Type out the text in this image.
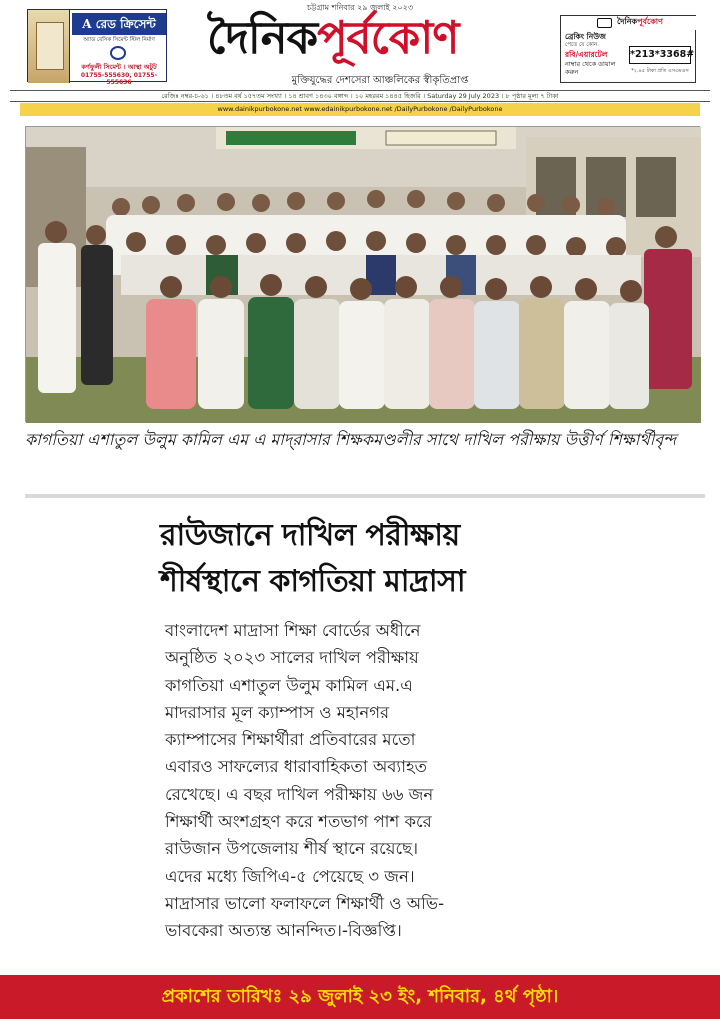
চট্টগ্রাম শনিবার ২৯ জুলাই ২০২৩
A রেড ক্রিসেন্ট
অ্যাড বেসিক সিমেন্ট স্টিল নির্মাণ
কর্ণফুলী সিমেন্ট । আস্থা অটুট
01755-555630, 01755-555636
দৈনিকপূর্বকোণ
মুক্তিযুদ্ধের দেশসেরা আঞ্চলিকের স্বীকৃতিপ্রাপ্ত
দৈনিকপূর্বকোণ
ব্রেকিং নিউজ
পেতে যে কোন
রবি/এয়ারটেল
নাম্বার থেকে ডায়াল করুন
*213*3368#
*২.৪৫ টাকা প্রতি এসএমএস
রেজিঃ নম্বর-চ-৬১ । ৪৮তম বর্ষ ১৫৭তম সংখ্যা । ১৪ শ্রাবণ ১৪৩০ বঙ্গাব্দ । ১০ মহররম ১৪৪৫ হিজরি । Saturday 29 July 2023 । ৮ পৃষ্ঠার মূল্য ৭ টাকা
www.dainikpurbokone.net www.edainikpurbokone.net /DailyPurbokone /DailyPurbokone
কাগতিয়া এশাতুল উলুম কামিল এম এ মাদ্‌রাসার শিক্ষকমণ্ডলীর সাথে দাখিল পরীক্ষায় উত্তীর্ণ শিক্ষার্থীবৃন্দ
রাউজানে দাখিল পরীক্ষায়
শীর্ষস্থানে কাগতিয়া মাদ্রাসা
বাংলাদেশ মাদ্রাসা শিক্ষা বোর্ডের অধীনে
অনুষ্ঠিত ২০২৩ সালের দাখিল পরীক্ষায়
কাগতিয়া এশাতুল উলুম কামিল এম.এ
মাদরাসার মূল ক্যাম্পাস ও মহানগর
ক্যাম্পাসের শিক্ষার্থীরা প্রতিবারের মতো
এবারও সাফল্যের ধারাবাহিকতা অব্যাহত
রেখেছে। এ বছর দাখিল পরীক্ষায় ৬৬ জন
শিক্ষার্থী অংশগ্রহণ করে শতভাগ পাশ করে
রাউজান উপজেলায় শীর্ষ স্থানে রয়েছে।
এদের মধ্যে জিপিএ-৫ পেয়েছে ৩ জন।
মাদ্রাসার ভালো ফলাফলে শিক্ষার্থী ও অভি-
ভাবকেরা অত্যন্ত আনন্দিত।-বিজ্ঞপ্তি।
প্রকাশের তারিখঃ ২৯ জুলাই ২৩ ইং, শনিবার, ৪র্থ পৃষ্ঠা।
